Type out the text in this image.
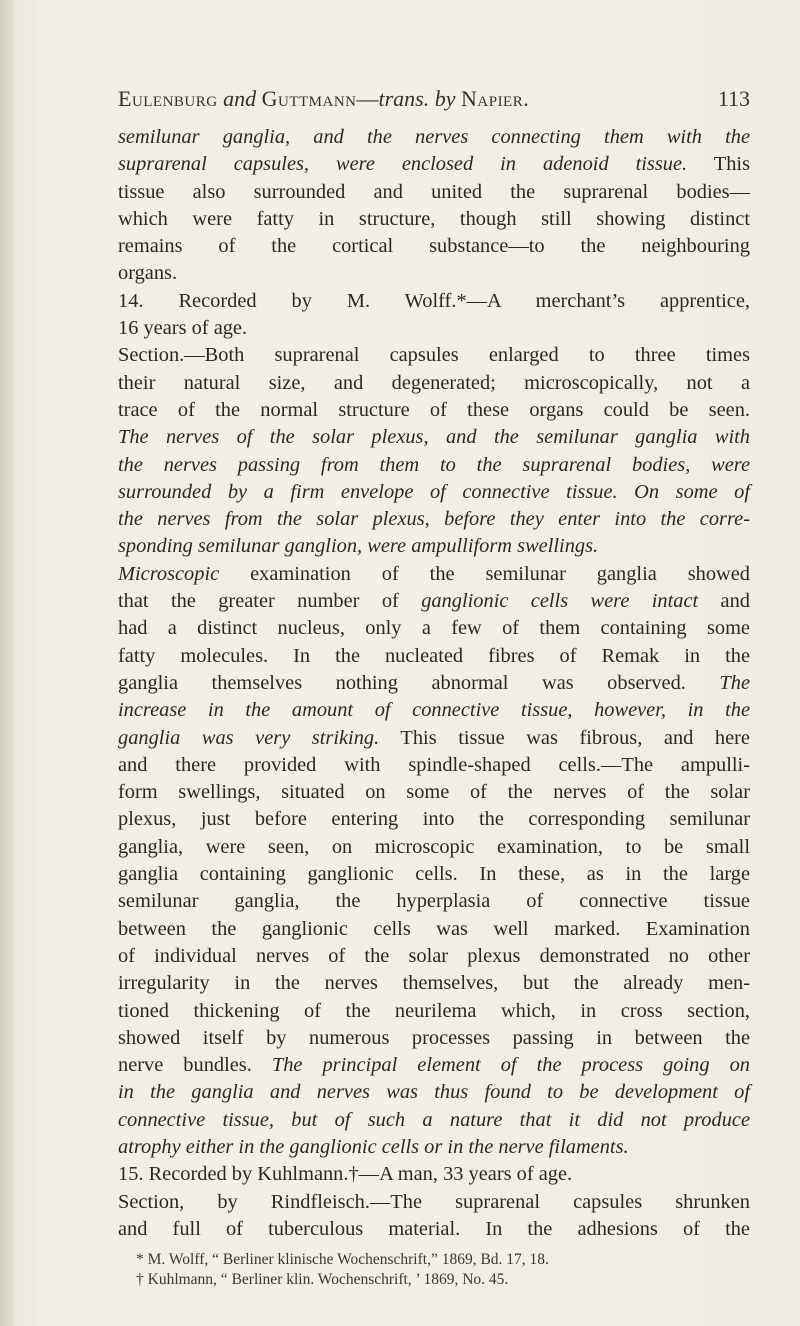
Eulenburg and Guttmann—trans. by Napier.	113
semilunar ganglia, and the nerves connecting them with the
suprarenal capsules, were enclosed in adenoid tissue. This
tissue also surrounded and united the suprarenal bodies—
which were fatty in structure, though still showing distinct
remains of the cortical substance—to the neighbouring
organs.
14. Recorded by M. Wolff.*—A merchant’s apprentice,
16 years of age.
Section.—Both suprarenal capsules enlarged to three times
their natural size, and degenerated; microscopically, not a
trace of the normal structure of these organs could be seen.
The nerves of the solar plexus, and the semilunar ganglia with
the nerves passing from them to the suprarenal bodies, were
surrounded by a firm envelope of connective tissue. On some of
the nerves from the solar plexus, before they enter into the corre-
sponding semilunar ganglion, were ampulliform swellings.
Microscopic examination of the semilunar ganglia showed
that the greater number of ganglionic cells were intact and
had a distinct nucleus, only a few of them containing some
fatty molecules. In the nucleated fibres of Remak in the
ganglia themselves nothing abnormal was observed. The
increase in the amount of connective tissue, however, in the
ganglia was very striking. This tissue was fibrous, and here
and there provided with spindle-shaped cells.—The ampulli-
form swellings, situated on some of the nerves of the solar
plexus, just before entering into the corresponding semilunar
ganglia, were seen, on microscopic examination, to be small
ganglia containing ganglionic cells. In these, as in the large
semilunar ganglia, the hyperplasia of connective tissue
between the ganglionic cells was well marked. Examination
of individual nerves of the solar plexus demonstrated no other
irregularity in the nerves themselves, but the already men-
tioned thickening of the neurilema which, in cross section,
showed itself by numerous processes passing in between the
nerve bundles. The principal element of the process going on
in the ganglia and nerves was thus found to be development of
connective tissue, but of such a nature that it did not produce
atrophy either in the ganglionic cells or in the nerve filaments.
15. Recorded by Kuhlmann.†—A man, 33 years of age.
Section, by Rindfleisch.—The suprarenal capsules shrunken
and full of tuberculous material. In the adhesions of the
* M. Wolff, “ Berliner klinische Wochenschrift,” 1869, Bd. 17, 18.
† Kuhlmann, “ Berliner klin. Wochenschrift, ’ 1869, No. 45.
